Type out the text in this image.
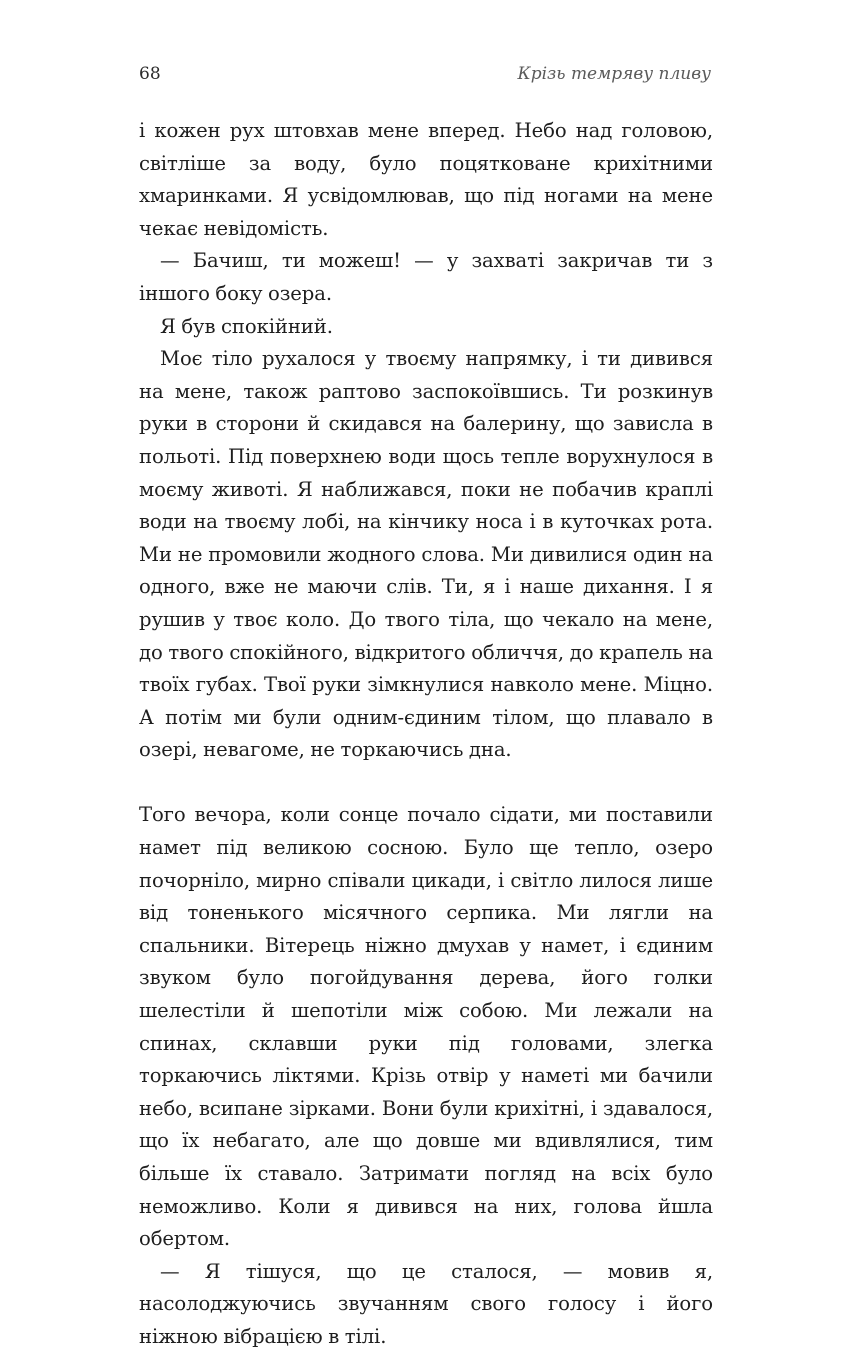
68	Крізь темряву пливу

і кожен рух штовхав мене вперед. Небо над головою, світліше за воду, було поцятковане крихітними хмаринками. Я усвідомлював, що під ногами на мене чекає невідомість.

— Бачиш, ти можеш! — у захваті закричав ти з іншого боку озера.

Я був спокійний.

Моє тіло рухалося у твоєму напрямку, і ти дивився на мене, також раптово заспокоївшись. Ти розкинув руки в сторони й скидався на балерину, що зависла в польоті. Під поверхнею води щось тепле ворухнулося в моєму животі. Я наближався, поки не побачив краплі води на твоєму лобі, на кінчику носа і в куточках рота. Ми не промовили жодного слова. Ми дивилися один на одного, вже не маючи слів. Ти, я і наше дихання. І я рушив у твоє коло. До твого тіла, що чекало на мене, до твого спокійного, відкритого обличчя, до крапель на твоїх губах. Твої руки зімкнулися навколо мене. Міцно. А потім ми були одним-єдиним тілом, що плавало в озері, невагоме, не торкаючись дна.

Того вечора, коли сонце почало сідати, ми поставили намет під великою сосною. Було ще тепло, озеро почорніло, мирно співали цикади, і світло лилося лише від тоненького місячного серпика. Ми лягли на спальники. Вітерець ніжно дмухав у намет, і єдиним звуком було погойдування дерева, його голки шелестіли й шепотіли між собою. Ми лежали на спинах, склавши руки під головами, злегка торкаючись ліктями. Крізь отвір у наметі ми бачили небо, всипане зірками. Вони були крихітні, і здавалося, що їх небагато, але що довше ми вдивлялися, тим більше їх ставало. Затримати погляд на всіх було неможливо. Коли я дивився на них, голова йшла обертом.

— Я тішуся, що це сталося, — мовив я, насолоджуючись звучанням свого голосу і його ніжною вібрацією в тілі.
